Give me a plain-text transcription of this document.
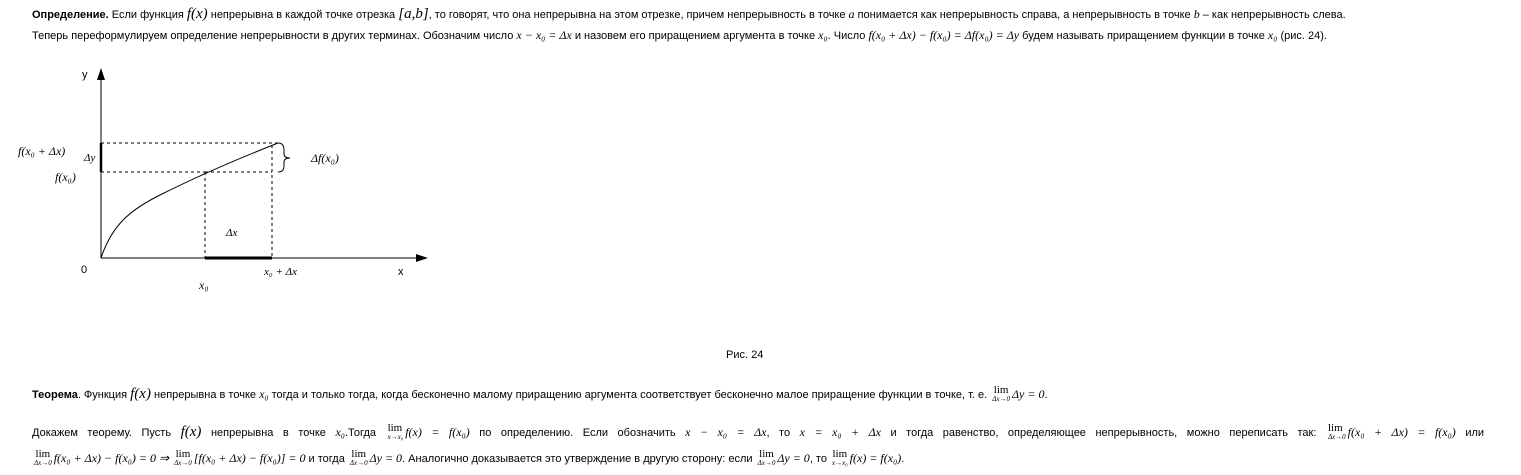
Определение. Если функция f(x) непрерывна в каждой точке отрезка [a,b], то говорят, что она непрерывна на этом отрезке, причем непрерывность в точке a понимается как непрерывность справа, а непрерывность в точке b – как непрерывность слева.
Теперь переформулируем определение непрерывности в других терминах. Обозначим число x − x₀ = Δx и назовем его приращением аргумента в точке x₀. Число f(x₀ + Δx) − f(x₀) = Δf(x₀) = Δy будем называть приращением функции в точке x₀ (рис. 24).
y
x
0
f(x₀ + Δx) Δy
f(x₀)
Δf(x₀)
Δx
x₀
x₀ + Δx
Рис. 24
Теорема. Функция f(x) непрерывна в точке x₀ тогда и только тогда, когда бесконечно малому приращению аргумента соответствует бесконечно малое приращение функции в точке, т. е. lim
Δx→0 Δy = 0.
Докажем теорему. Пусть f(x) непрерывна в точке x₀.Тогда lim
x→x₀ f(x) = f(x₀) по определению. Если обозначить x − x₀ = Δx, то x = x₀ + Δx и тогда равенство, определяющее непрерывность, можно переписать так: lim
Δx→0 f(x₀ + Δx) = f(x₀) или
lim
Δx→0 f(x₀ + Δx) − f(x₀) = 0 ⇒ lim
Δx→0 [f(x₀ + Δx) − f(x₀)] = 0 и тогда lim
Δx→0 Δy = 0. Аналогично доказывается это утверждение в другую сторону: если lim
Δx→0 Δy = 0, то lim
x→x₀ f(x) = f(x₀).
